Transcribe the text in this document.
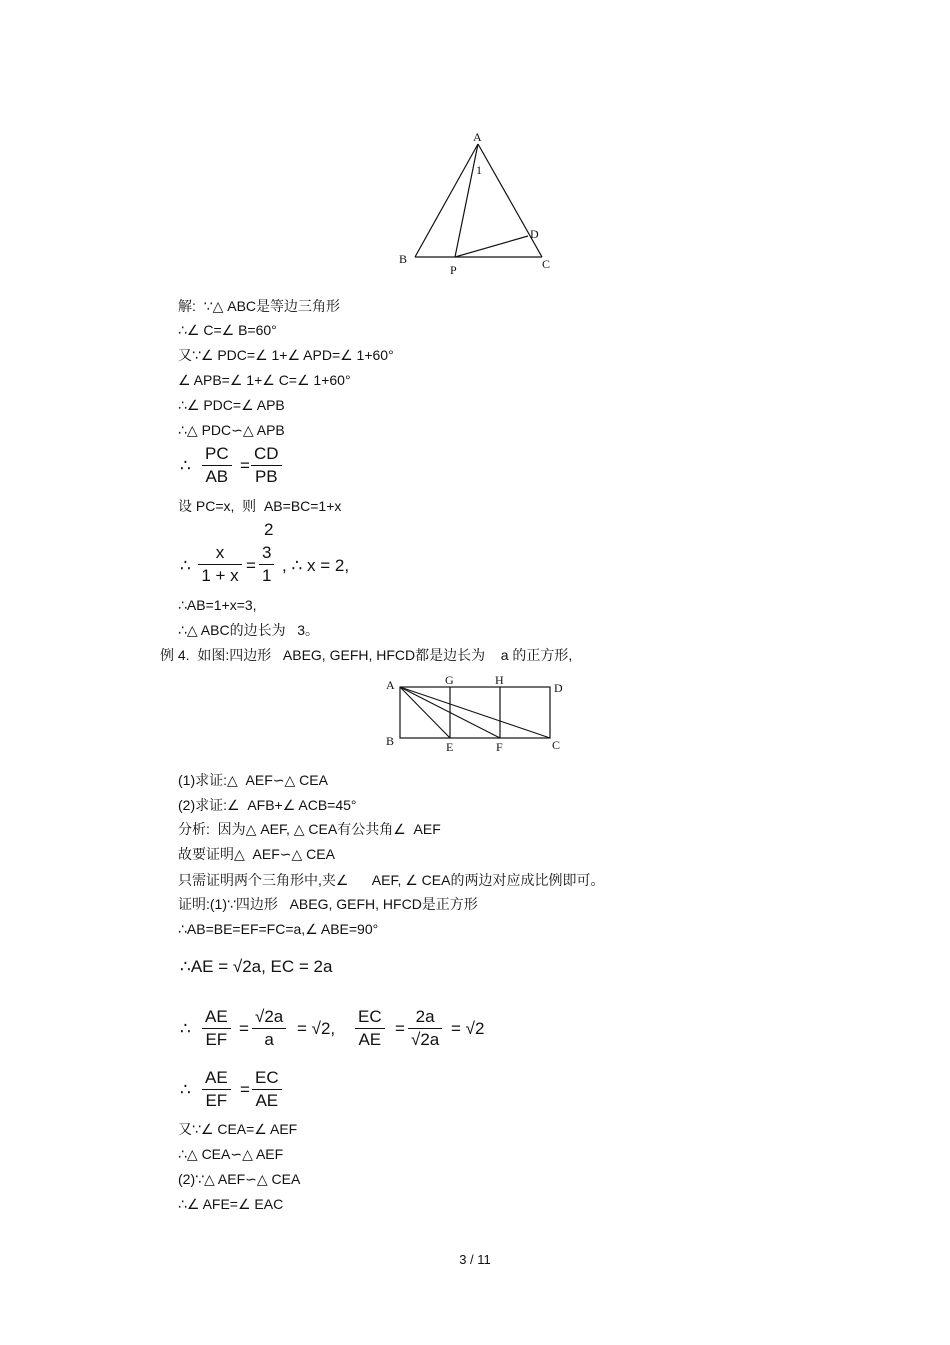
A
1
B
P	C
D
解:  ∵△ ABC是等边三角形
∴∠ C=∠ B=60°
又∵∠ PDC=∠ 1+∠ APD=∠ 1+60°
∠ APB=∠ 1+∠ C=∠ 1+60°
∴∠ PDC=∠ APB
∴△ PDC∽△ APB
∴
PC
AB
=
CD
PB
设 PC=x,  则  AB=BC=1+x
∴
x
1 + x
=
2
3
1
, ∴ x = 2,
∴AB=1+x=3,
∴△ ABC的边长为   3。
例 4.  如图:四边形   ABEG, GEFH, HFCD都是边长为    a 的正方形,
A	G	H
D
B	E	F	C
(1)求证:△  AEF∽△ CEA
(2)求证:∠  AFB+∠ ACB=45°
分析:  因为△ AEF, △ CEA有公共角∠  AEF
故要证明△  AEF∽△ CEA
只需证明两个三角形中,夹∠      AEF, ∠ CEA的两边对应成比例即可。
证明:(1)∵四边形   ABEG, GEFH, HFCD是正方形
∴AB=BE=EF=FC=a,∠ ABE=90°
∴AE = √2a, EC = 2a
∴
AE
EF
=
√2a
a
= √2,
EC
AE
=
2a
√2a
= √2
∴
AE
EF
=
EC
AE
又∵∠ CEA=∠ AEF
∴△ CEA∽△ AEF
(2)∵△ AEF∽△ CEA
∴∠ AFE=∠ EAC
3 / 11
